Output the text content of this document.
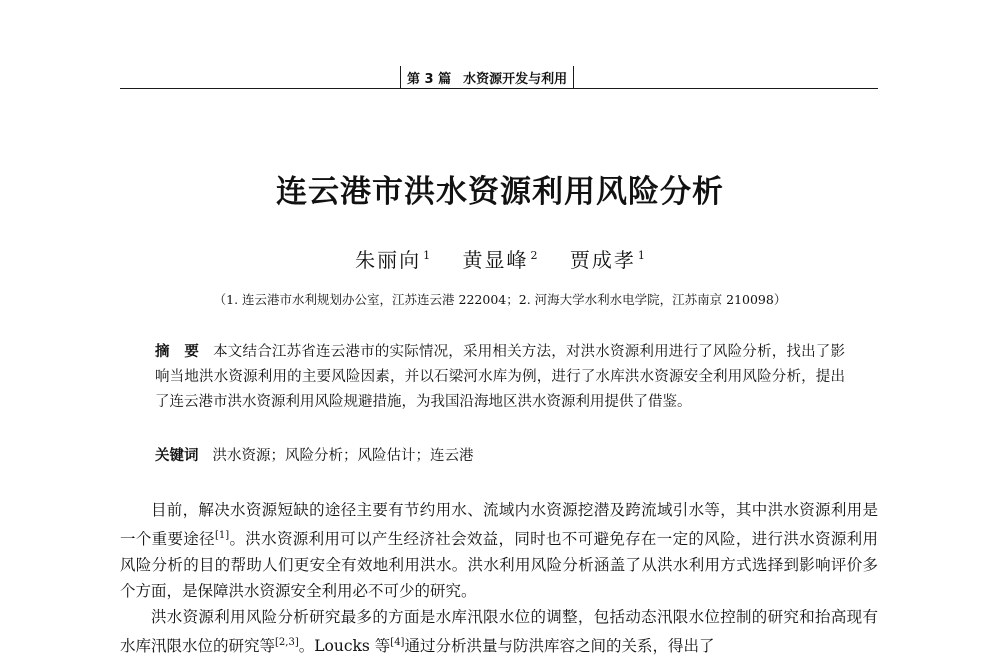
第 3 篇 水资源开发与利用
连云港市洪水资源利用风险分析
朱丽向 $^1$ 黄显峰 $^2$ 贾成孝 $^1$
（1. 连云港市水利规划办公室，江苏连云港 222004；2. 河海大学水利水电学院，江苏南京 210098）
摘　要 本文结合江苏省连云港市的实际情况，采用相关方法，对洪水资源利用进行了风险分析，找出了影响当地洪水资源利用的主要风险因素，并以石梁河水库为例，进行了水库洪水资源安全利用风险分析，提出了连云港市洪水资源利用风险规避措施，为我国沿海地区洪水资源利用提供了借鉴。
关键词 洪水资源；风险分析；风险估计；连云港

目前，解决水资源短缺的途径主要有节约用水、流域内水资源挖潜及跨流域引水等，其中洪水资源利用是一个重要途径[1]。洪水资源利用可以产生经济社会效益，同时也不可避免存在一定的风险，进行洪水资源利用风险分析的目的帮助人们更安全有效地利用洪水。洪水利用风险分析涵盖了从洪水利用方式选择到影响评价多个方面，是保障洪水资源安全利用必不可少的研究。

洪水资源利用风险分析研究最多的方面是水库汛限水位的调整，包括动态汛限水位控制的研究和抬高现有水库汛限水位的研究等[2,3]。Loucks 等[4]通过分析洪量与防洪库容之间的关系，得出了
